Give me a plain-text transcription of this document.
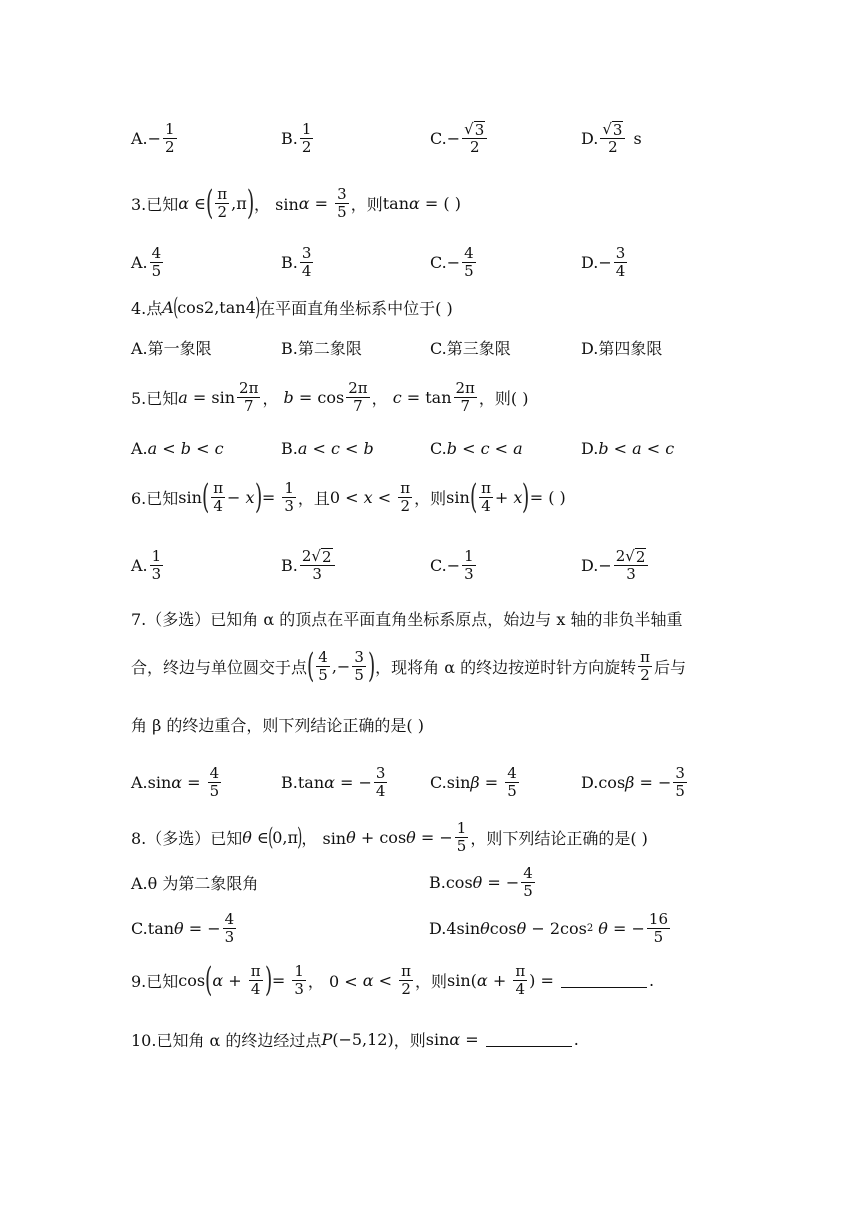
A. − $\frac{1}{2}$	B. $\frac{1}{2}$	C. − $\frac{√ 3}{2}$	D. $\frac{√ 3}{2}$ s
3.已知 α ∈ ( $\frac{\pi}{2} ,\pi$ ) ， $\sin \alpha = \frac{3}{5}$ ，则 tan α = ( )
A. $\frac{4}{5}$	B. $\frac{3}{4}$	C. − $\frac{4}{5}$	D. − $\frac{3}{4}$
4.点 A ( cos2,tan4 ) 在平面直角坐标系中位于( )
A.第一象限	B.第二象限	C.第三象限	D.第四象限
5.已知 $a = \sin \frac{2\pi}{7}$ ， $b = \cos \frac{2\pi}{7}$ ， $c = \tan \frac{2\pi}{7}$ ，则( )
A. a < b < c	B. a < c < b	C. b < c < a	D. b < a < c
6.已知 sin ( $\frac{\pi}{4} - x$ ) = $\frac{1}{3}$ ，且 $0 < x < \frac{\pi}{2}$ ，则 sin ( $\frac{\pi}{4} + x$ ) = ( )
A. $\frac{1}{3}$	B. $\frac{2 √ 2}{3}$	C. − $\frac{1}{3}$	D. − $\frac{2 √ 2}{3}$
7.（多选）已知角 α 的顶点在平面直角坐标系原点，始边与 x 轴的非负半轴重
合，终边与单位圆交于点 ( $\frac{4}{5}$ ,− $\frac{3}{5}$ ) ，现将角 α 的终边按逆时针方向旋转 $\frac{\pi}{2}$ 后与
角 β 的终边重合，则下列结论正确的是( )
A. $\sin \alpha = \frac{4}{5}$	B. tan α = − $\frac{3}{4}$	C. $\sin \beta = \frac{4}{5}$	D. cos β = − $\frac{3}{5}$
8.（多选）已知 θ ∈ ( 0,π ) ， sin θ + cos θ = − $\frac{1}{5}$ ，则下列结论正确的是( )
A.θ 为第二象限角	B. cos θ = − $\frac{4}{5}$
C. tan θ = − $\frac{4}{3}$	D. 4sin θ cos θ − 2cos 2
θ = − $\frac{16}{5}$
9.已知 cos ( $\alpha + \frac{\pi}{4}$ ) = $\frac{1}{3}$ ， $0 < \alpha < \frac{\pi}{2}$ ，则 sin( $\alpha + \frac{\pi}{4}$ ) =	.
10.已知角 α 的终边经过点 P (−5,12) ，则 sin α =	.
